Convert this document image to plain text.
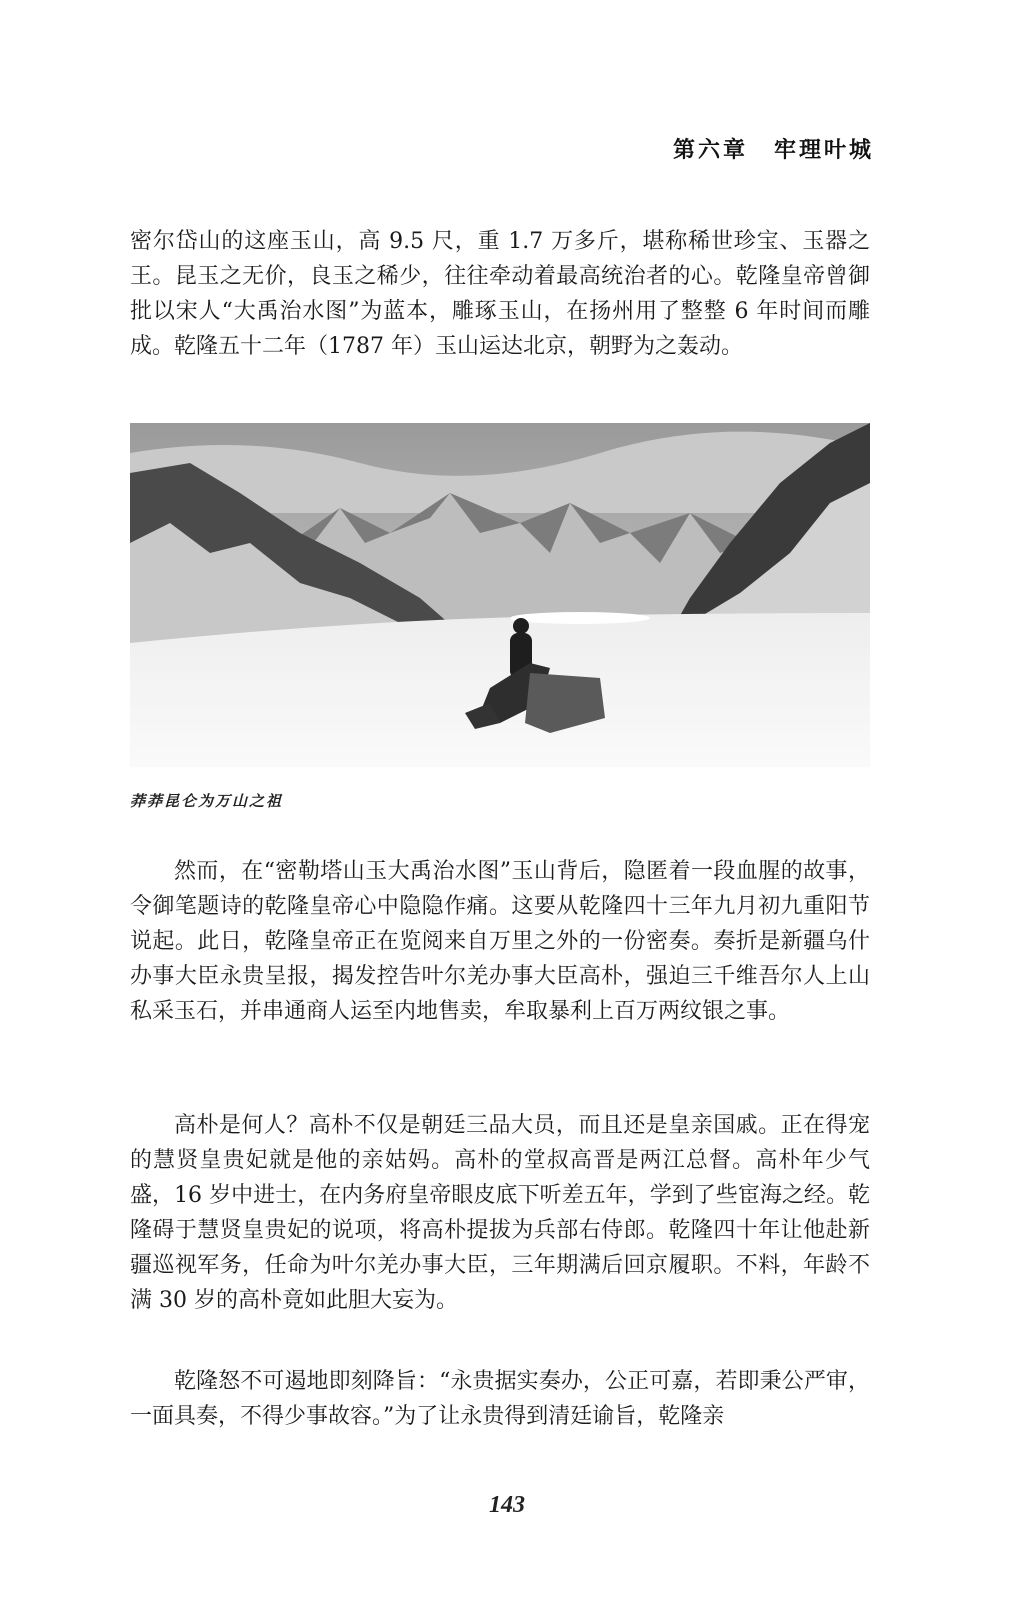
第六章 牢理叶城

密尔岱山的这座玉山，高 9.5 尺，重 1.7 万多斤，堪称稀世珍宝、玉器之王。昆玉之无价，良玉之稀少，往往牵动着最高统治者的心。乾隆皇帝曾御批以宋人“大禹治水图”为蓝本，雕琢玉山，在扬州用了整整 6 年时间而雕成。乾隆五十二年（1787 年）玉山运达北京，朝野为之轰动。

莽莽昆仑为万山之祖

然而，在“密勒塔山玉大禹治水图”玉山背后，隐匿着一段血腥的故事，令御笔题诗的乾隆皇帝心中隐隐作痛。这要从乾隆四十三年九月初九重阳节说起。此日，乾隆皇帝正在览阅来自万里之外的一份密奏。奏折是新疆乌什办事大臣永贵呈报，揭发控告叶尔羌办事大臣高朴，强迫三千维吾尔人上山私采玉石，并串通商人运至内地售卖，牟取暴利上百万两纹银之事。

高朴是何人？高朴不仅是朝廷三品大员，而且还是皇亲国戚。正在得宠的慧贤皇贵妃就是他的亲姑妈。高朴的堂叔高晋是两江总督。高朴年少气盛，16 岁中进士，在内务府皇帝眼皮底下听差五年，学到了些宦海之经。乾隆碍于慧贤皇贵妃的说项，将高朴提拔为兵部右侍郎。乾隆四十年让他赴新疆巡视军务，任命为叶尔羌办事大臣，三年期满后回京履职。不料，年龄不满 30 岁的高朴竟如此胆大妄为。

乾隆怒不可遏地即刻降旨：“永贵据实奏办，公正可嘉，若即秉公严审，一面具奏，不得少事故容。”为了让永贵得到清廷谕旨，乾隆亲

143
